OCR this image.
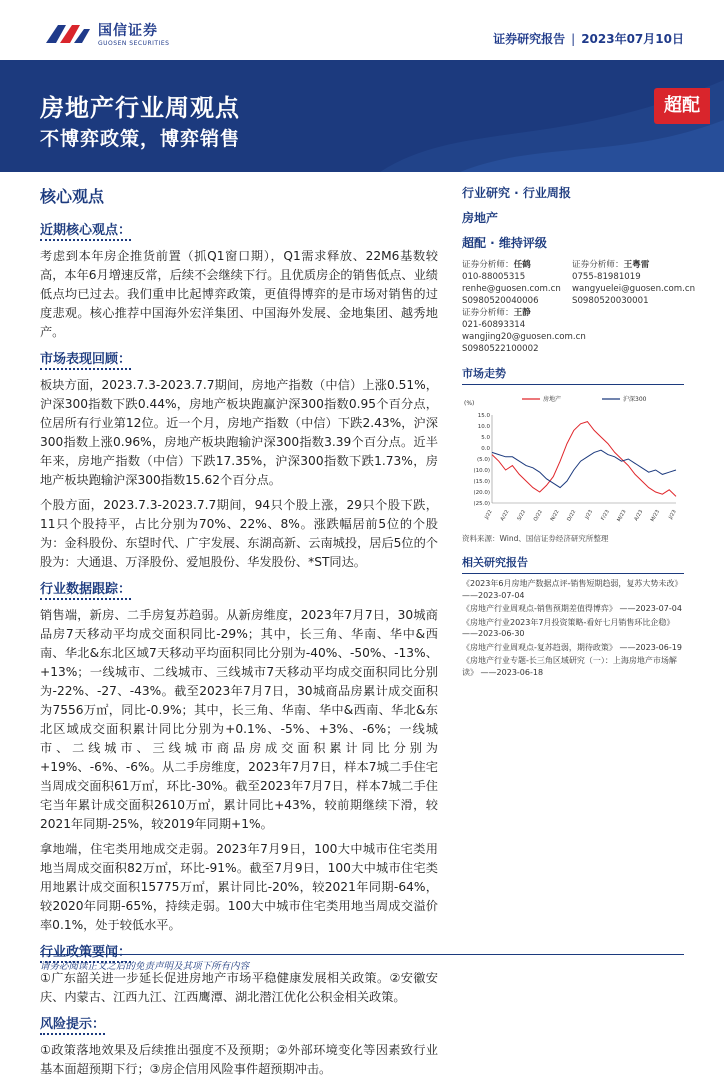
国信证券
GUOSEN SECURITIES	证券研究报告 | 2023年07月10日
房地产行业周观点
不博弈政策，博弈销售
超配
核心观点
近期核心观点：

考虑到本年房企推货前置（抓Q1窗口期），Q1需求释放、22M6基数较高，本年6月增速反常，后续不会继续下行。且优质房企的销售低点、业绩低点均已过去。我们重申比起博弈政策，更值得博弈的是市场对销售的过度悲观。核心推荐中国海外宏洋集团、中国海外发展、金地集团、越秀地产。

市场表现回顾：

板块方面，2023.7.3-2023.7.7期间，房地产指数（中信）上涨0.51%，沪深300指数下跌0.44%，房地产板块跑赢沪深300指数0.95个百分点，位居所有行业第12位。近一个月，房地产指数（中信）下跌2.43%，沪深300指数上涨0.96%，房地产板块跑输沪深300指数3.39个百分点。近半年来，房地产指数（中信）下跌17.35%，沪深300指数下跌1.73%，房地产板块跑输沪深300指数15.62个百分点。

个股方面，2023.7.3-2023.7.7期间，94只个股上涨，29只个股下跌，11只个股持平，占比分别为70%、22%、8%。涨跌幅居前5位的个股为：金科股份、东望时代、广宇发展、东湖高新、云南城投，居后5位的个股为：大通退、万泽股份、爱旭股份、华发股份、*ST同达。

行业数据跟踪：

销售端，新房、二手房复苏趋弱。从新房维度，2023年7月7日，30城商品房7天移动平均成交面积同比-29%；其中，长三角、华南、华中&西南、华北&东北区域7天移动平均面积同比分别为-40%、-50%、-13%、+13%；一线城市、二线城市、三线城市7天移动平均成交面积同比分别为-22%、-27、-43%。截至2023年7月7日，30城商品房累计成交面积为7556万㎡，同比-0.9%；其中，长三角、华南、华中&西南、华北&东北区域成交面积累计同比分别为+0.1%、-5%、+3%、-6%；一线城市、二线城市、三线城市商品房成交面积累计同比分别为+19%、-6%、-6%。从二手房维度，2023年7月7日，样本7城二手住宅当周成交面积61万㎡，环比-30%。截至2023年7月7日，样本7城二手住宅当年累计成交面积2610万㎡，累计同比+43%，较前期继续下滑，较2021年同期-25%，较2019年同期+1%。

拿地端，住宅类用地成交走弱。2023年7月9日，100大中城市住宅类用地当周成交面积82万㎡，环比-91%。截至7月9日，100大中城市住宅类用地累计成交面积15775万㎡，累计同比-20%，较2021年同期-64%，较2020年同期-65%，持续走弱。100大中城市住宅类用地当周成交溢价率0.1%，处于较低水平。

行业政策要闻：

①广东韶关进一步延长促进房地产市场平稳健康发展相关政策。②安徽安庆、内蒙古、江西九江、江西鹰潭、湖北潜江优化公积金相关政策。

风险提示：

①政策落地效果及后续推出强度不及预期；②外部环境变化等因素致行业基本面超预期下行；③房企信用风险事件超预期冲击。

行业研究 · 行业周报
房地产
超配 · 维持评级
证券分析师：任鹤
010-88005315
renhe@guosen.com.cn
S0980520040006
证券分析师：王粤雷
0755-81981019
wangyuelei@guosen.com.cn
S0980520030001
证券分析师：王静
021-60893314
wangjing20@guosen.com.cn
S0980522100002
市场走势
(%)
房地产	沪深300
15.0
10.0
5.0
0.0
(5.0)
(10.0)
(15.0)
(20.0)
(25.0)
J/22 A/22 S/22 O/22 N/22 D/22 J/23 F/23 M/23 A/23 M/23 J/23
资料来源：Wind、国信证券经济研究所整理
相关研究报告
《2023年6月房地产数据点评-销售短期趋弱，复苏大势未改》 ——2023-07-04
《房地产行业周观点-销售预期差值得博弈》 ——2023-07-04
《房地产行业2023年7月投资策略-看好七月销售环比企稳》 ——2023-06-30
《房地产行业周观点-复苏趋弱，期待政策》 ——2023-06-19
《房地产行业专题-长三角区域研究（一）：上海房地产市场解读》 ——2023-06-18
请务必阅读正文之后的免责声明及其项下所有内容
